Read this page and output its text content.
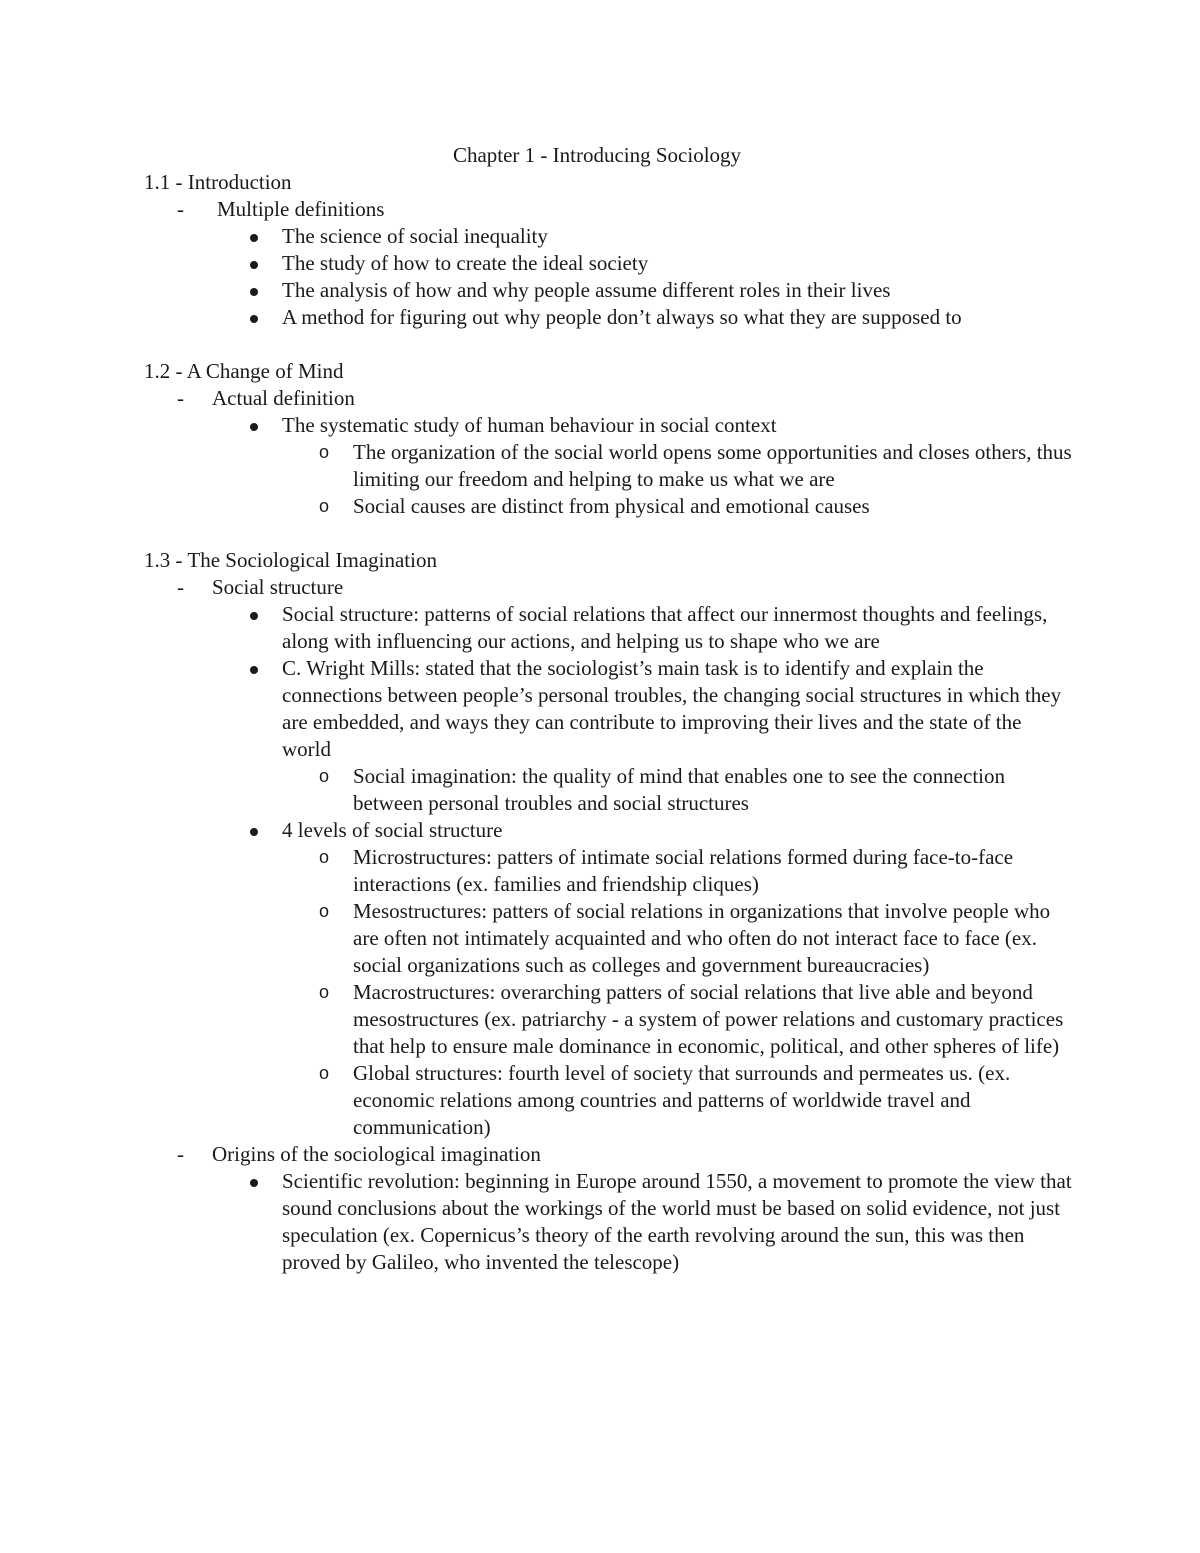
Chapter 1 - Introducing Sociology
1.1 - Introduction
- Multiple definitions
The science of social inequality
The study of how to create the ideal society
The analysis of how and why people assume different roles in their lives
A method for figuring out why people don’t always so what they are supposed to
1.2 - A Change of Mind
- Actual definition
The systematic study of human behaviour in social context
o The organization of the social world opens some opportunities and closes others, thus limiting our freedom and helping to make us what we are
o Social causes are distinct from physical and emotional causes
1.3 - The Sociological Imagination
- Social structure
Social structure: patterns of social relations that affect our innermost thoughts and feelings, along with influencing our actions, and helping us to shape who we are
C. Wright Mills: stated that the sociologist’s main task is to identify and explain the connections between people’s personal troubles, the changing social structures in which they are embedded, and ways they can contribute to improving their lives and the state of the world
o Social imagination: the quality of mind that enables one to see the connection between personal troubles and social structures
4 levels of social structure
o Microstructures: patters of intimate social relations formed during face-to-face interactions (ex. families and friendship cliques)
o Mesostructures: patters of social relations in organizations that involve people who are often not intimately acquainted and who often do not interact face to face (ex. social organizations such as colleges and government bureaucracies)
o Macrostructures: overarching patters of social relations that live able and beyond mesostructures (ex. patriarchy - a system of power relations and customary practices that help to ensure male dominance in economic, political, and other spheres of life)
o Global structures: fourth level of society that surrounds and permeates us. (ex. economic relations among countries and patterns of worldwide travel and communication)
- Origins of the sociological imagination
Scientific revolution: beginning in Europe around 1550, a movement to promote the view that sound conclusions about the workings of the world must be based on solid evidence, not just speculation (ex. Copernicus’s theory of the earth revolving around the sun, this was then proved by Galileo, who invented the telescope)
